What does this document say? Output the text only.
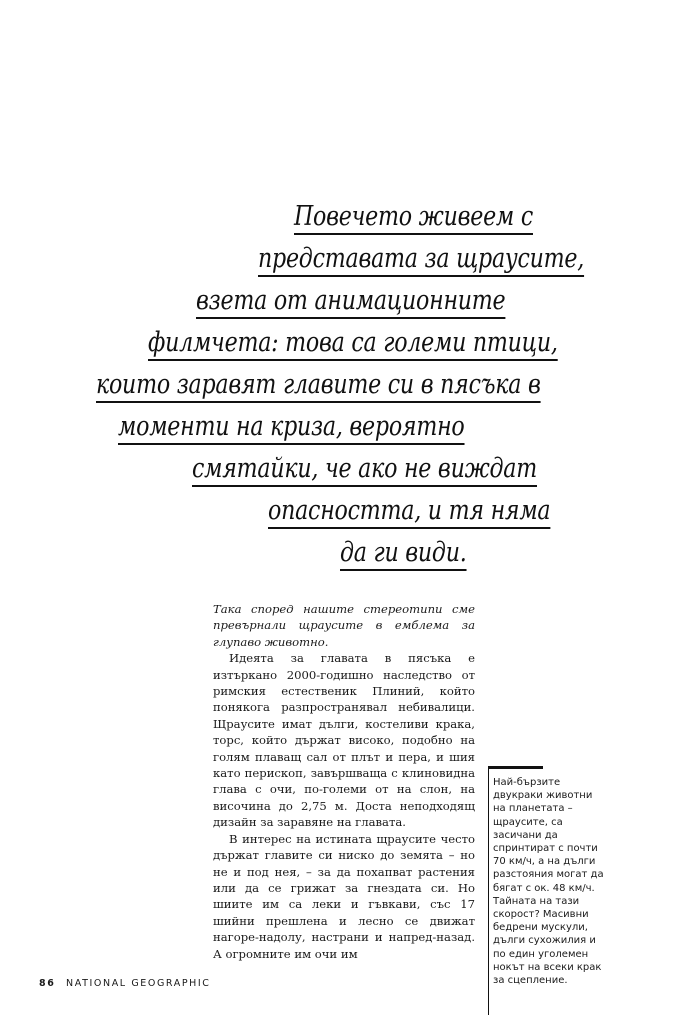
Повечето живеем с
представата за щраусите,
взета от анимационните
филмчета: това са големи птици,
които заравят главите си в пясъка в
моменти на криза, вероятно
смятайки, че ако не виждат
опасността, и тя няма
да ги види.

Така според нашите стереотипи сме превърнали щраусите в емблема за глупаво животно.

Идеята за главата в пясъка е изтъркано 2000-годишно наследство от римския естественик Плиний, който понякога разпространявал небивалици. Щраусите имат дълги, костеливи крака, торс, който държат високо, подобно на голям плаващ сал от плът и пера, и шия като перископ, завършваща с клиновидна глава с очи, по-големи от на слон, на височина до 2,75 м. Доста неподходящ дизайн за заравяне на главата.

В интерес на истината щраусите често държат главите си ниско до земята – но не и под нея, – за да похапват растения или да се грижат за гнездата си. Но шиите им са леки и гъвкави, със 17 шийни прешлена и лесно се движат нагоре-надолу, настрани и напред-назад. А огромните им очи им

Най-бързите двукраки животни на планетата – щраусите, са засичани да спринтират с почти 70 км/ч, а на дълги разстояния могат да бягат с ок. 48 км/ч. Тайната на тази скорост? Масивни бедрени мускули, дълги сухожилия и по един уголемен нокът на всеки крак за сцепление.

86 NATIONAL GEOGRAPHIC
